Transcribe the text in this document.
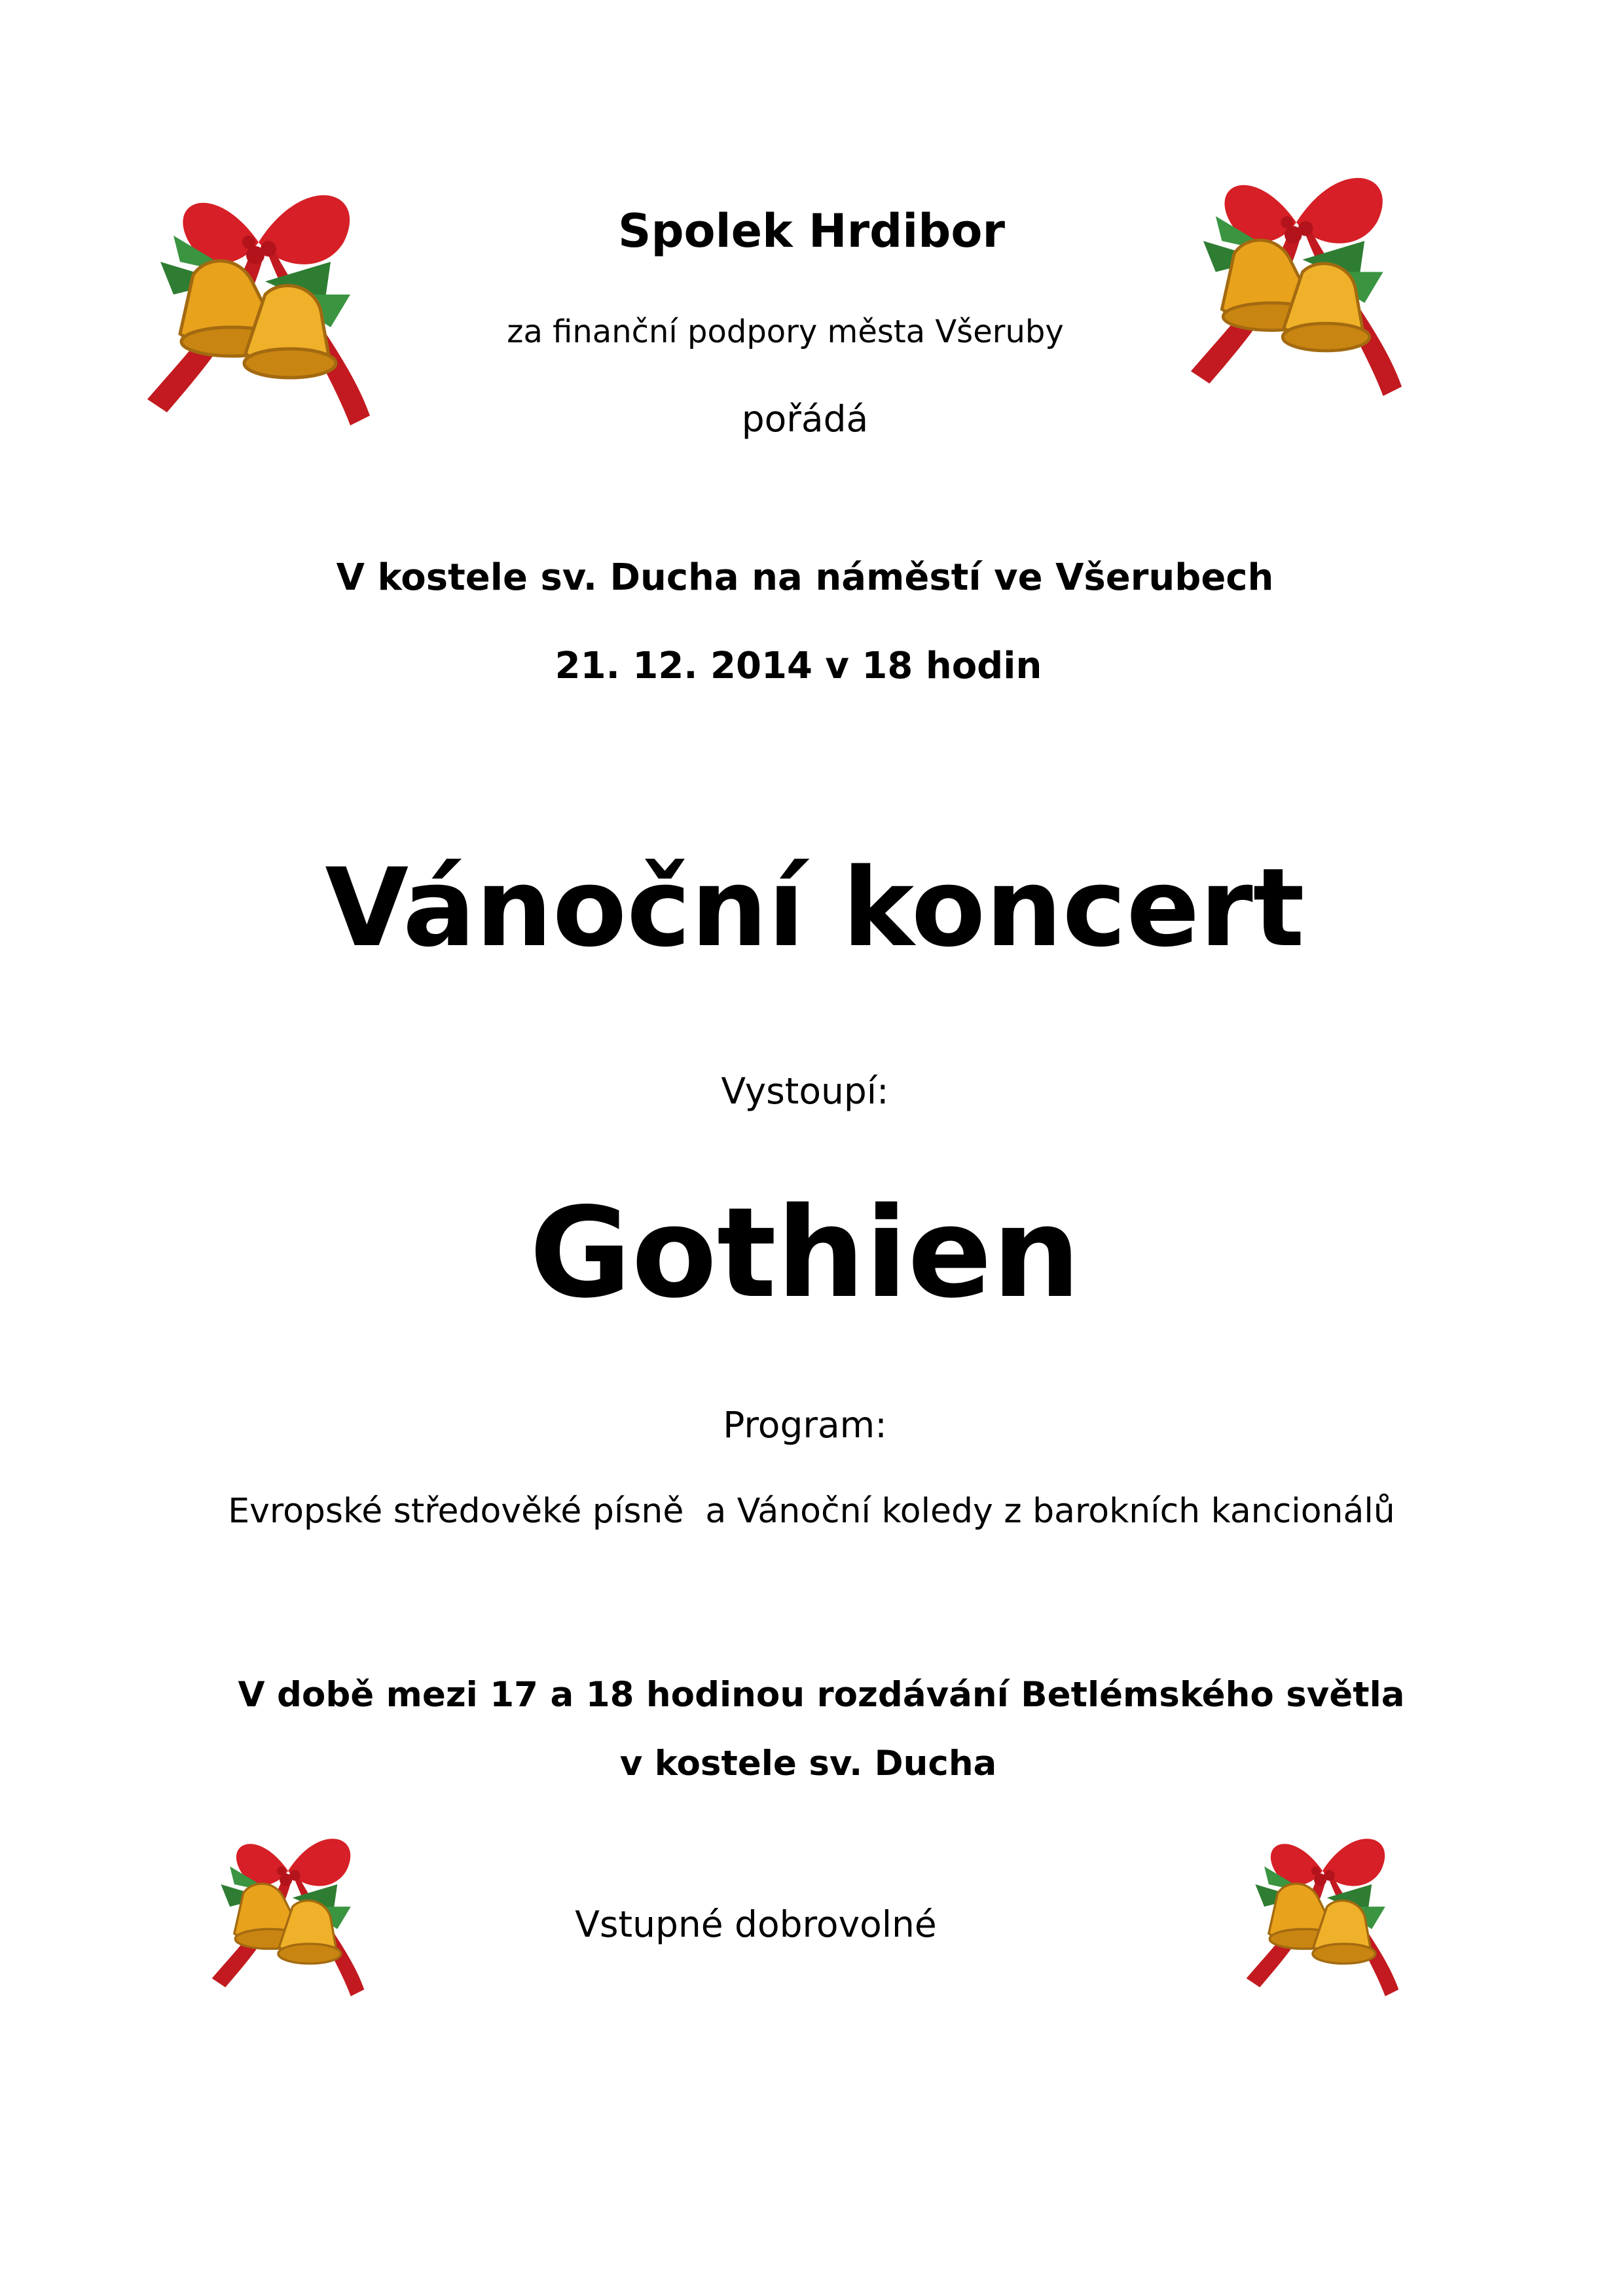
Spolek Hrdibor
za finanční podpory města Všeruby
pořádá
V kostele sv. Ducha na náměstí ve Všerubech
21. 12. 2014 v 18 hodin
Vánoční koncert
Vystoupí:
Gothien
Program:
Evropské středověké písně  a Vánoční koledy z barokních kancionálů
V době mezi 17 a 18 hodinou rozdávání Betlémského světla
v kostele sv. Ducha
Vstupné dobrovolné
